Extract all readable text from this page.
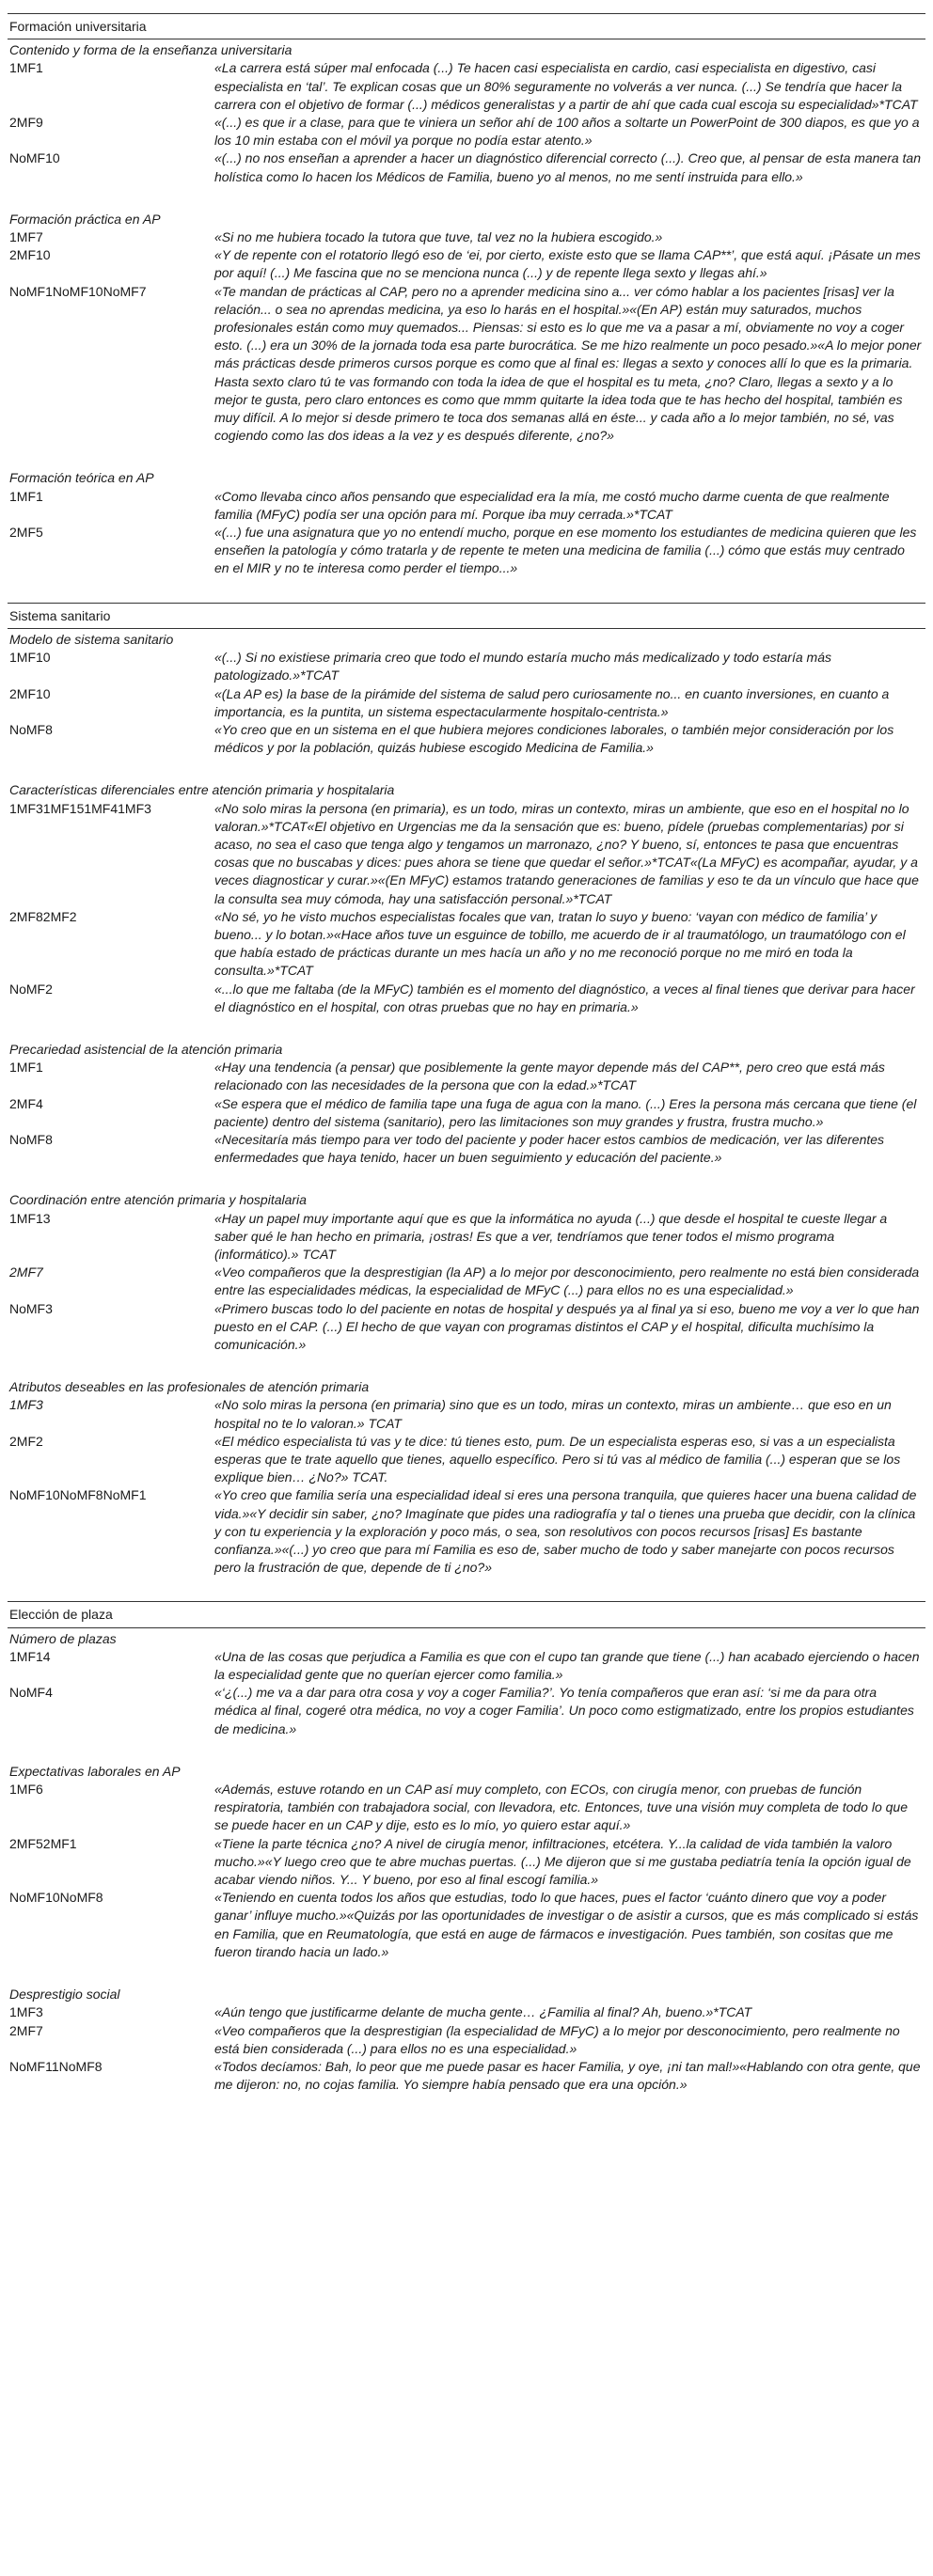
Formación universitaria
Contenido y forma de la enseñanza universitaria
1MF1	«La carrera está súper mal enfocada (...) Te hacen casi especialista en cardio, casi especialista en digestivo, casi especialista en ‘tal’. Te explican cosas que un 80% seguramente no volverás a ver nunca. (...) Se tendría que hacer la carrera con el objetivo de formar (...) médicos generalistas y a partir de ahí que cada cual escoja su especialidad»*TCAT
2MF9	«(...) es que ir a clase, para que te viniera un señor ahí de 100 años a soltarte un PowerPoint de 300 diapos, es que yo a los 10 min estaba con el móvil ya porque no podía estar atento.»
NoMF10	«(...) no nos enseñan a aprender a hacer un diagnóstico diferencial correcto (...). Creo que, al pensar de esta manera tan holística como lo hacen los Médicos de Familia, bueno yo al menos, no me sentí instruida para ello.»
Formación práctica en AP
1MF7	«Si no me hubiera tocado la tutora que tuve, tal vez no la hubiera escogido.»
2MF10	«Y de repente con el rotatorio llegó eso de ‘ei, por cierto, existe esto que se llama CAP**’, que está aquí. ¡Pásate un mes por aquí! (...) Me fascina que no se menciona nunca (...) y de repente llega sexto y llegas ahí.»
NoMF1NoMF10NoMF7	«Te mandan de prácticas al CAP, pero no a aprender medicina sino a... ver cómo hablar a los pacientes [risas] ver la relación... o sea no aprendas medicina, ya eso lo harás en el hospital.»«(En AP) están muy saturados, muchos profesionales están como muy quemados... Piensas: si esto es lo que me va a pasar a mí, obviamente no voy a coger esto. (...) era un 30% de la jornada toda esa parte burocrática. Se me hizo realmente un poco pesado.»«A lo mejor poner más prácticas desde primeros cursos porque es como que al final es: llegas a sexto y conoces allí lo que es la primaria. Hasta sexto claro tú te vas formando con toda la idea de que el hospital es tu meta, ¿no? Claro, llegas a sexto y a lo mejor te gusta, pero claro entonces es como que mmm quitarte la idea toda que te has hecho del hospital, también es muy difícil. A lo mejor si desde primero te toca dos semanas allá en éste... y cada año a lo mejor también, no sé, vas cogiendo como las dos ideas a la vez y es después diferente, ¿no?»
Formación teórica en AP
1MF1	«Como llevaba cinco años pensando que especialidad era la mía, me costó mucho darme cuenta de que realmente familia (MFyC) podía ser una opción para mí. Porque iba muy cerrada.»*TCAT
2MF5	«(...) fue una asignatura que yo no entendí mucho, porque en ese momento los estudiantes de medicina quieren que les enseñen la patología y cómo tratarla y de repente te meten una medicina de familia (...) cómo que estás muy centrado en el MIR y no te interesa como perder el tiempo...»
Sistema sanitario
Modelo de sistema sanitario
1MF10	«(...) Si no existiese primaria creo que todo el mundo estaría mucho más medicalizado y todo estaría más patologizado.»*TCAT
2MF10	«(La AP es) la base de la pirámide del sistema de salud pero curiosamente no... en cuanto inversiones, en cuanto a importancia, es la puntita, un sistema espectacularmente hospitalo-centrista.»
NoMF8	«Yo creo que en un sistema en el que hubiera mejores condiciones laborales, o también mejor consideración por los médicos y por la población, quizás hubiese escogido Medicina de Familia.»
Características diferenciales entre atención primaria y hospitalaria
1MF31MF151MF41MF3	«No solo miras la persona (en primaria), es un todo, miras un contexto, miras un ambiente, que eso en el hospital no lo valoran.»*TCAT«El objetivo en Urgencias me da la sensación que es: bueno, pídele (pruebas complementarias) por si acaso, no sea el caso que tenga algo y tengamos un marronazo, ¿no? Y bueno, sí, entonces te pasa que encuentras cosas que no buscabas y dices: pues ahora se tiene que quedar el señor.»*TCAT«(La MFyC) es acompañar, ayudar, y a veces diagnosticar y curar.»«(En MFyC) estamos tratando generaciones de familias y eso te da un vínculo que hace que la consulta sea muy cómoda, hay una satisfacción personal.»*TCAT
2MF82MF2	«No sé, yo he visto muchos especialistas focales que van, tratan lo suyo y bueno: ‘vayan con médico de familia’ y bueno... y lo botan.»«Hace años tuve un esguince de tobillo, me acuerdo de ir al traumatólogo, un traumatólogo con el que había estado de prácticas durante un mes hacía un año y no me reconoció porque no me miró en toda la consulta.»*TCAT
NoMF2	«...lo que me faltaba (de la MFyC) también es el momento del diagnóstico, a veces al final tienes que derivar para hacer el diagnóstico en el hospital, con otras pruebas que no hay en primaria.»
Precariedad asistencial de la atención primaria
1MF1	«Hay una tendencia (a pensar) que posiblemente la gente mayor depende más del CAP**, pero creo que está más relacionado con las necesidades de la persona que con la edad.»*TCAT
2MF4	«Se espera que el médico de familia tape una fuga de agua con la mano. (...) Eres la persona más cercana que tiene (el paciente) dentro del sistema (sanitario), pero las limitaciones son muy grandes y frustra, frustra mucho.»
NoMF8	«Necesitaría más tiempo para ver todo del paciente y poder hacer estos cambios de medicación, ver las diferentes enfermedades que haya tenido, hacer un buen seguimiento y educación del paciente.»
Coordinación entre atención primaria y hospitalaria
1MF13	«Hay un papel muy importante aquí que es que la informática no ayuda (...) que desde el hospital te cueste llegar a saber qué le han hecho en primaria, ¡ostras! Es que a ver, tendríamos que tener todos el mismo programa (informático).» TCAT
2MF7	«Veo compañeros que la desprestigian (la AP) a lo mejor por desconocimiento, pero realmente no está bien considerada entre las especialidades médicas, la especialidad de MFyC (...) para ellos no es una especialidad.»
NoMF3	«Primero buscas todo lo del paciente en notas de hospital y después ya al final ya si eso, bueno me voy a ver lo que han puesto en el CAP. (...) El hecho de que vayan con programas distintos el CAP y el hospital, dificulta muchísimo la comunicación.»
Atributos deseables en las profesionales de atención primaria
1MF3	«No solo miras la persona (en primaria) sino que es un todo, miras un contexto, miras un ambiente… que eso en un hospital no te lo valoran.» TCAT
2MF2	«El médico especialista tú vas y te dice: tú tienes esto, pum. De un especialista esperas eso, si vas a un especialista esperas que te trate aquello que tienes, aquello específico. Pero si tú vas al médico de familia (...) esperan que se los explique bien… ¿No?» TCAT.
NoMF10NoMF8NoMF1	«Yo creo que familia sería una especialidad ideal si eres una persona tranquila, que quieres hacer una buena calidad de vida.»«Y decidir sin saber, ¿no? Imagínate que pides una radiografía y tal o tienes una prueba que decidir, con la clínica y con tu experiencia y la exploración y poco más, o sea, son resolutivos con pocos recursos [risas] Es bastante confianza.»«(...) yo creo que para mí Familia es eso de, saber mucho de todo y saber manejarte con pocos recursos pero la frustración de que, depende de ti ¿no?»
Elección de plaza
Número de plazas
1MF14	«Una de las cosas que perjudica a Familia es que con el cupo tan grande que tiene (...) han acabado ejerciendo o hacen la especialidad gente que no querían ejercer como familia.»
NoMF4	«‘¿(...) me va a dar para otra cosa y voy a coger Familia?’. Yo tenía compañeros que eran así: ‘si me da para otra médica al final, cogeré otra médica, no voy a coger Familia’. Un poco como estigmatizado, entre los propios estudiantes de medicina.»
Expectativas laborales en AP
1MF6	«Además, estuve rotando en un CAP así muy completo, con ECOs, con cirugía menor, con pruebas de función respiratoria, también con trabajadora social, con llevadora, etc. Entonces, tuve una visión muy completa de todo lo que se puede hacer en un CAP y dije, esto es lo mío, yo quiero estar aquí.»
2MF52MF1	«Tiene la parte técnica ¿no? A nivel de cirugía menor, infiltraciones, etcétera. Y...la calidad de vida también la valoro mucho.»«Y luego creo que te abre muchas puertas. (...) Me dijeron que si me gustaba pediatría tenía la opción igual de acabar viendo niños. Y... Y bueno, por eso al final escogí familia.»
NoMF10NoMF8	«Teniendo en cuenta todos los años que estudias, todo lo que haces, pues el factor ‘cuánto dinero que voy a poder ganar’ influye mucho.»«Quizás por las oportunidades de investigar o de asistir a cursos, que es más complicado si estás en Familia, que en Reumatología, que está en auge de fármacos e investigación. Pues también, son cositas que me fueron tirando hacia un lado.»
Desprestigio social
1MF3	«Aún tengo que justificarme delante de mucha gente… ¿Familia al final? Ah, bueno.»*TCAT
2MF7	«Veo compañeros que la desprestigian (la especialidad de MFyC) a lo mejor por desconocimiento, pero realmente no está bien considerada (...) para ellos no es una especialidad.»
NoMF11NoMF8	«Todos decíamos: Bah, lo peor que me puede pasar es hacer Familia, y oye, ¡ni tan mal!»«Hablando con otra gente, que me dijeron: no, no cojas familia. Yo siempre había pensado que era una opción.»
